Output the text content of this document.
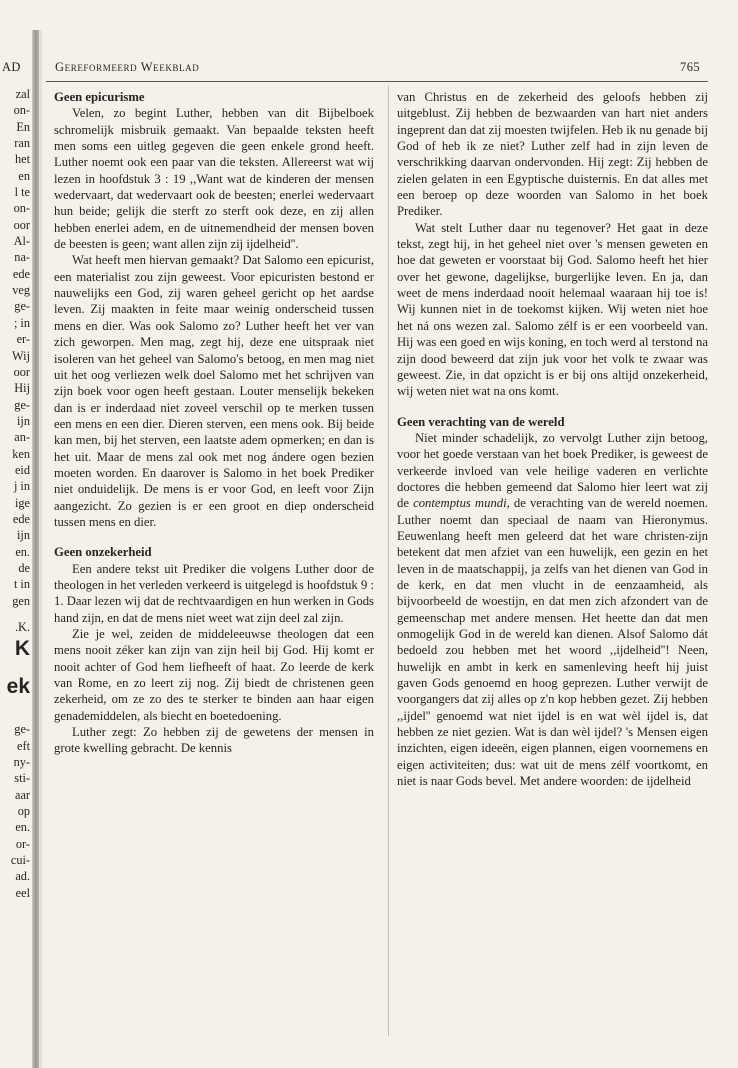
AD	Gereformeerd Weekblad	765
zal
on-
En
ran
het
en
l te
on-
oor
Al-
na-
ede
veg
ge-
; in
er-
Wij
oor
Hij
ge-
ijn
an-
ken
eid
j in
ige
ede
ijn
en.
de
t in
gen
.K.
K
ek
ge-
eft
ny-
sti-
aar
op
en.
or-
cui-
ad.
eel
Geen epicurisme

Velen, zo begint Luther, hebben van dit Bijbelboek schromelijk misbruik gemaakt. Van bepaalde teksten heeft men soms een uitleg gegeven die geen enkele grond heeft. Luther noemt ook een paar van die teksten. Allereerst wat wij lezen in hoofdstuk 3 : 19 ,,Want wat de kinderen der mensen wedervaart, dat wedervaart ook de beesten; enerlei wedervaart hun beide; gelijk die sterft zo sterft ook deze, en zij allen hebben enerlei adem, en de uitnemendheid der mensen boven de beesten is geen; want allen zijn zij ijdelheid''.

Wat heeft men hiervan gemaakt? Dat Salomo een epicurist, een materialist zou zijn geweest. Voor epicuristen bestond er nauwelijks een God, zij waren geheel gericht op het aardse leven. Zij maakten in feite maar weinig onderscheid tussen mens en dier. Was ook Salomo zo? Luther heeft het ver van zich geworpen. Men mag, zegt hij, deze ene uitspraak niet isoleren van het geheel van Salomo's betoog, en men mag niet uit het oog verliezen welk doel Salomo met het schrijven van zijn boek voor ogen heeft gestaan. Louter menselijk bekeken dan is er inderdaad niet zoveel verschil op te merken tussen een mens en een dier. Dieren sterven, een mens ook. Bij beide kan men, bij het sterven, een laatste adem opmerken; en dan is het uit. Maar de mens zal ook met nog ándere ogen bezien moeten worden. En daarover is Salomo in het boek Prediker niet onduidelijk. De mens is er voor God, en leeft voor Zijn aangezicht. Zo gezien is er een groot en diep onderscheid tussen mens en dier.

Geen onzekerheid

Een andere tekst uit Prediker die volgens Luther door de theologen in het verleden verkeerd is uitgelegd is hoofdstuk 9 : 1. Daar lezen wij dat de rechtvaardigen en hun werken in Gods hand zijn, en dat de mens niet weet wat zijn deel zal zijn.

Zie je wel, zeiden de middeleeuwse theologen dat een mens nooit zéker kan zijn van zijn heil bij God. Hij komt er nooit achter of God hem liefheeft of haat. Zo leerde de kerk van Rome, en zo leert zij nog. Zij biedt de christenen geen zekerheid, om ze zo des te sterker te binden aan haar eigen genademiddelen, als biecht en boetedoening.

Luther zegt: Zo hebben zij de gewetens der mensen in grote kwelling gebracht. De kennis

van Christus en de zekerheid des geloofs hebben zij uitgeblust. Zij hebben de bezwaarden van hart niet anders ingeprent dan dat zij moesten twijfelen. Heb ik nu genade bij God of heb ik ze niet? Luther zelf had in zijn leven de verschrikking daarvan ondervonden. Hij zegt: Zij hebben de zielen gelaten in een Egyptische duisternis. En dat alles met een beroep op deze woorden van Salomo in het boek Prediker.

Wat stelt Luther daar nu tegenover? Het gaat in deze tekst, zegt hij, in het geheel niet over 's mensen geweten en hoe dat geweten er voorstaat bij God. Salomo heeft het hier over het gewone, dagelijkse, burgerlijke leven. En ja, dan weet de mens inderdaad nooit helemaal waaraan hij toe is! Wij kunnen niet in de toekomst kijken. Wij weten niet hoe het ná ons wezen zal. Salomo zélf is er een voorbeeld van. Hij was een goed en wijs koning, en toch werd al terstond na zijn dood beweerd dat zijn juk voor het volk te zwaar was geweest. Zie, in dat opzicht is er bij ons altijd onzekerheid, wij weten niet wat na ons komt.

Geen verachting van de wereld

Niet minder schadelijk, zo vervolgt Luther zijn betoog, voor het goede verstaan van het boek Prediker, is geweest de verkeerde invloed van vele heilige vaderen en verlichte doctores die hebben gemeend dat Salomo hier leert wat zij de contemptus mundi, de verachting van de wereld noemen. Luther noemt dan speciaal de naam van Hieronymus. Eeuwenlang heeft men geleerd dat het ware christen-zijn betekent dat men afziet van een huwelijk, een gezin en het leven in de maatschappij, ja zelfs van het dienen van God in de kerk, en dat men vlucht in de eenzaamheid, als bijvoorbeeld de woestijn, en dat men zich afzondert van de gemeenschap met andere mensen. Het heette dan dat men onmogelijk God in de wereld kan dienen. Alsof Salomo dát bedoeld zou hebben met het woord ,,ijdelheid''! Neen, huwelijk en ambt in kerk en samenleving heeft hij juist gaven Gods genoemd en hoog geprezen. Luther verwijt de voorgangers dat zij alles op z'n kop hebben gezet. Zij hebben ,,ijdel'' genoemd wat niet ijdel is en wat wèl ijdel is, dat hebben ze niet gezien. Wat is dan wèl ijdel? 's Mensen eigen inzichten, eigen ideeën, eigen plannen, eigen voornemens en eigen activiteiten; dus: wat uit de mens zélf voortkomt, en niet is naar Gods bevel. Met andere woorden: de ijdelheid
